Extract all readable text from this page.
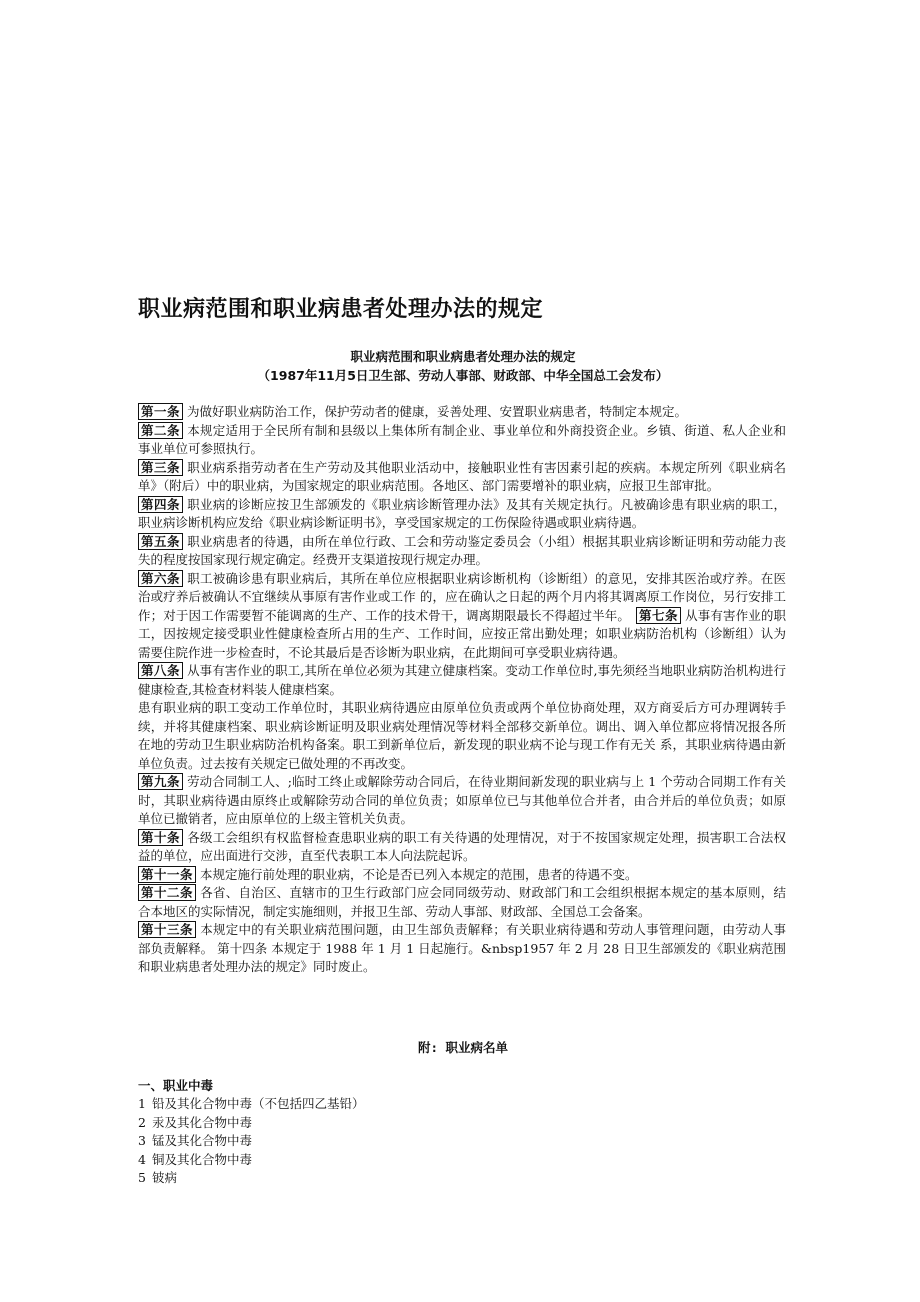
职业病范围和职业病患者处理办法的规定
职业病范围和职业病患者处理办法的规定
（1987年11月5日卫生部、劳动人事部、财政部、中华全国总工会发布）

第一条 为做好职业病防治工作，保护劳动者的健康，妥善处理、安置职业病患者，特制定本规定。

第二条 本规定适用于全民所有制和县级以上集体所有制企业、事业单位和外商投资企业。乡镇、街道、私人企业和事业单位可参照执行。

第三条 职业病系指劳动者在生产劳动及其他职业活动中，接触职业性有害因素引起的疾病。本规定所列《职业病名单》（附后）中的职业病，为国家规定的职业病范围。各地区、部门需要增补的职业病，应报卫生部审批。

第四条 职业病的诊断应按卫生部颁发的《职业病诊断管理办法》及其有关规定执行。凡被确诊患有职业病的职工，职业病诊断机构应发给《职业病诊断证明书》，享受国家规定的工伤保险待遇或职业病待遇。

第五条 职业病患者的待遇，由所在单位行政、工会和劳动鉴定委员会（小组）根据其职业病诊断证明和劳动能力丧失的程度按国家现行规定确定。经费开支渠道按现行规定办理。

第六条 职工被确诊患有职业病后，其所在单位应根据职业病诊断机构（诊断组）的意见，安排其医治或疗养。在医治或疗养后被确认不宜继续从事原有害作业或工作 的，应在确认之日起的两个月内将其调离原工作岗位，另行安排工作；对于因工作需要暂不能调离的生产、工作的技术骨干，调离期限最长不得超过半年。 第七条 从事有害作业的职工，因按规定接受职业性健康检查所占用的生产、工作时间，应按正常出勤处理；如职业病防治机构（诊断组）认为需要住院作进一步检查时，不论其最后是否诊断为职业病，在此期间可享受职业病待遇。

第八条 从事有害作业的职工,其所在单位必须为其建立健康档案。变动工作单位时,事先须经当地职业病防治机构进行健康检查,其检查材料装人健康档案。

患有职业病的职工变动工作单位时，其职业病待遇应由原单位负责或两个单位协商处理，双方商妥后方可办理调转手续，并将其健康档案、职业病诊断证明及职业病处理情况等材料全部移交新单位。调出、调入单位都应将情况报各所在地的劳动卫生职业病防治机构备案。职工到新单位后，新发现的职业病不论与现工作有无关 系，其职业病待遇由新单位负责。过去按有关规定已做处理的不再改变。

第九条 劳动合同制工人、;临时工终止或解除劳动合同后，在待业期间新发现的职业病与上 1 个劳动合同期工作有关时，其职业病待遇由原终止或解除劳动合同的单位负责；如原单位已与其他单位合并者，由合并后的单位负责；如原单位已撤销者，应由原单位的上级主管机关负责。

第十条 各级工会组织有权监督检查患职业病的职工有关待遇的处理情况，对于不按国家规定处理，损害职工合法权益的单位，应出面进行交涉，直至代表职工本人向法院起诉。

第十一条 本规定施行前处理的职业病，不论是否已列入本规定的范围，患者的待遇不变。

第十二条 各省、自治区、直辖市的卫生行政部门应会同同级劳动、财政部门和工会组织根据本规定的基本原则，结合本地区的实际情况，制定实施细则，并报卫生部、劳动人事部、财政部、全国总工会备案。

第十三条 本规定中的有关职业病范围问题，由卫生部负责解释；有关职业病待遇和劳动人事管理问题，由劳动人事部负责解释。 第十四条 本规定于 1988 年 1 月 1 日起施行。&nbsp1957 年 2 月 28 日卫生部颁发的《职业病范围和职业病患者处理办法的规定》同时废止。

附: 职业病名单
一、职业中毒
1 铅及其化合物中毒（不包括四乙基铅）
2 汞及其化合物中毒
3 锰及其化合物中毒
4 铜及其化合物中毒
5 铍病
